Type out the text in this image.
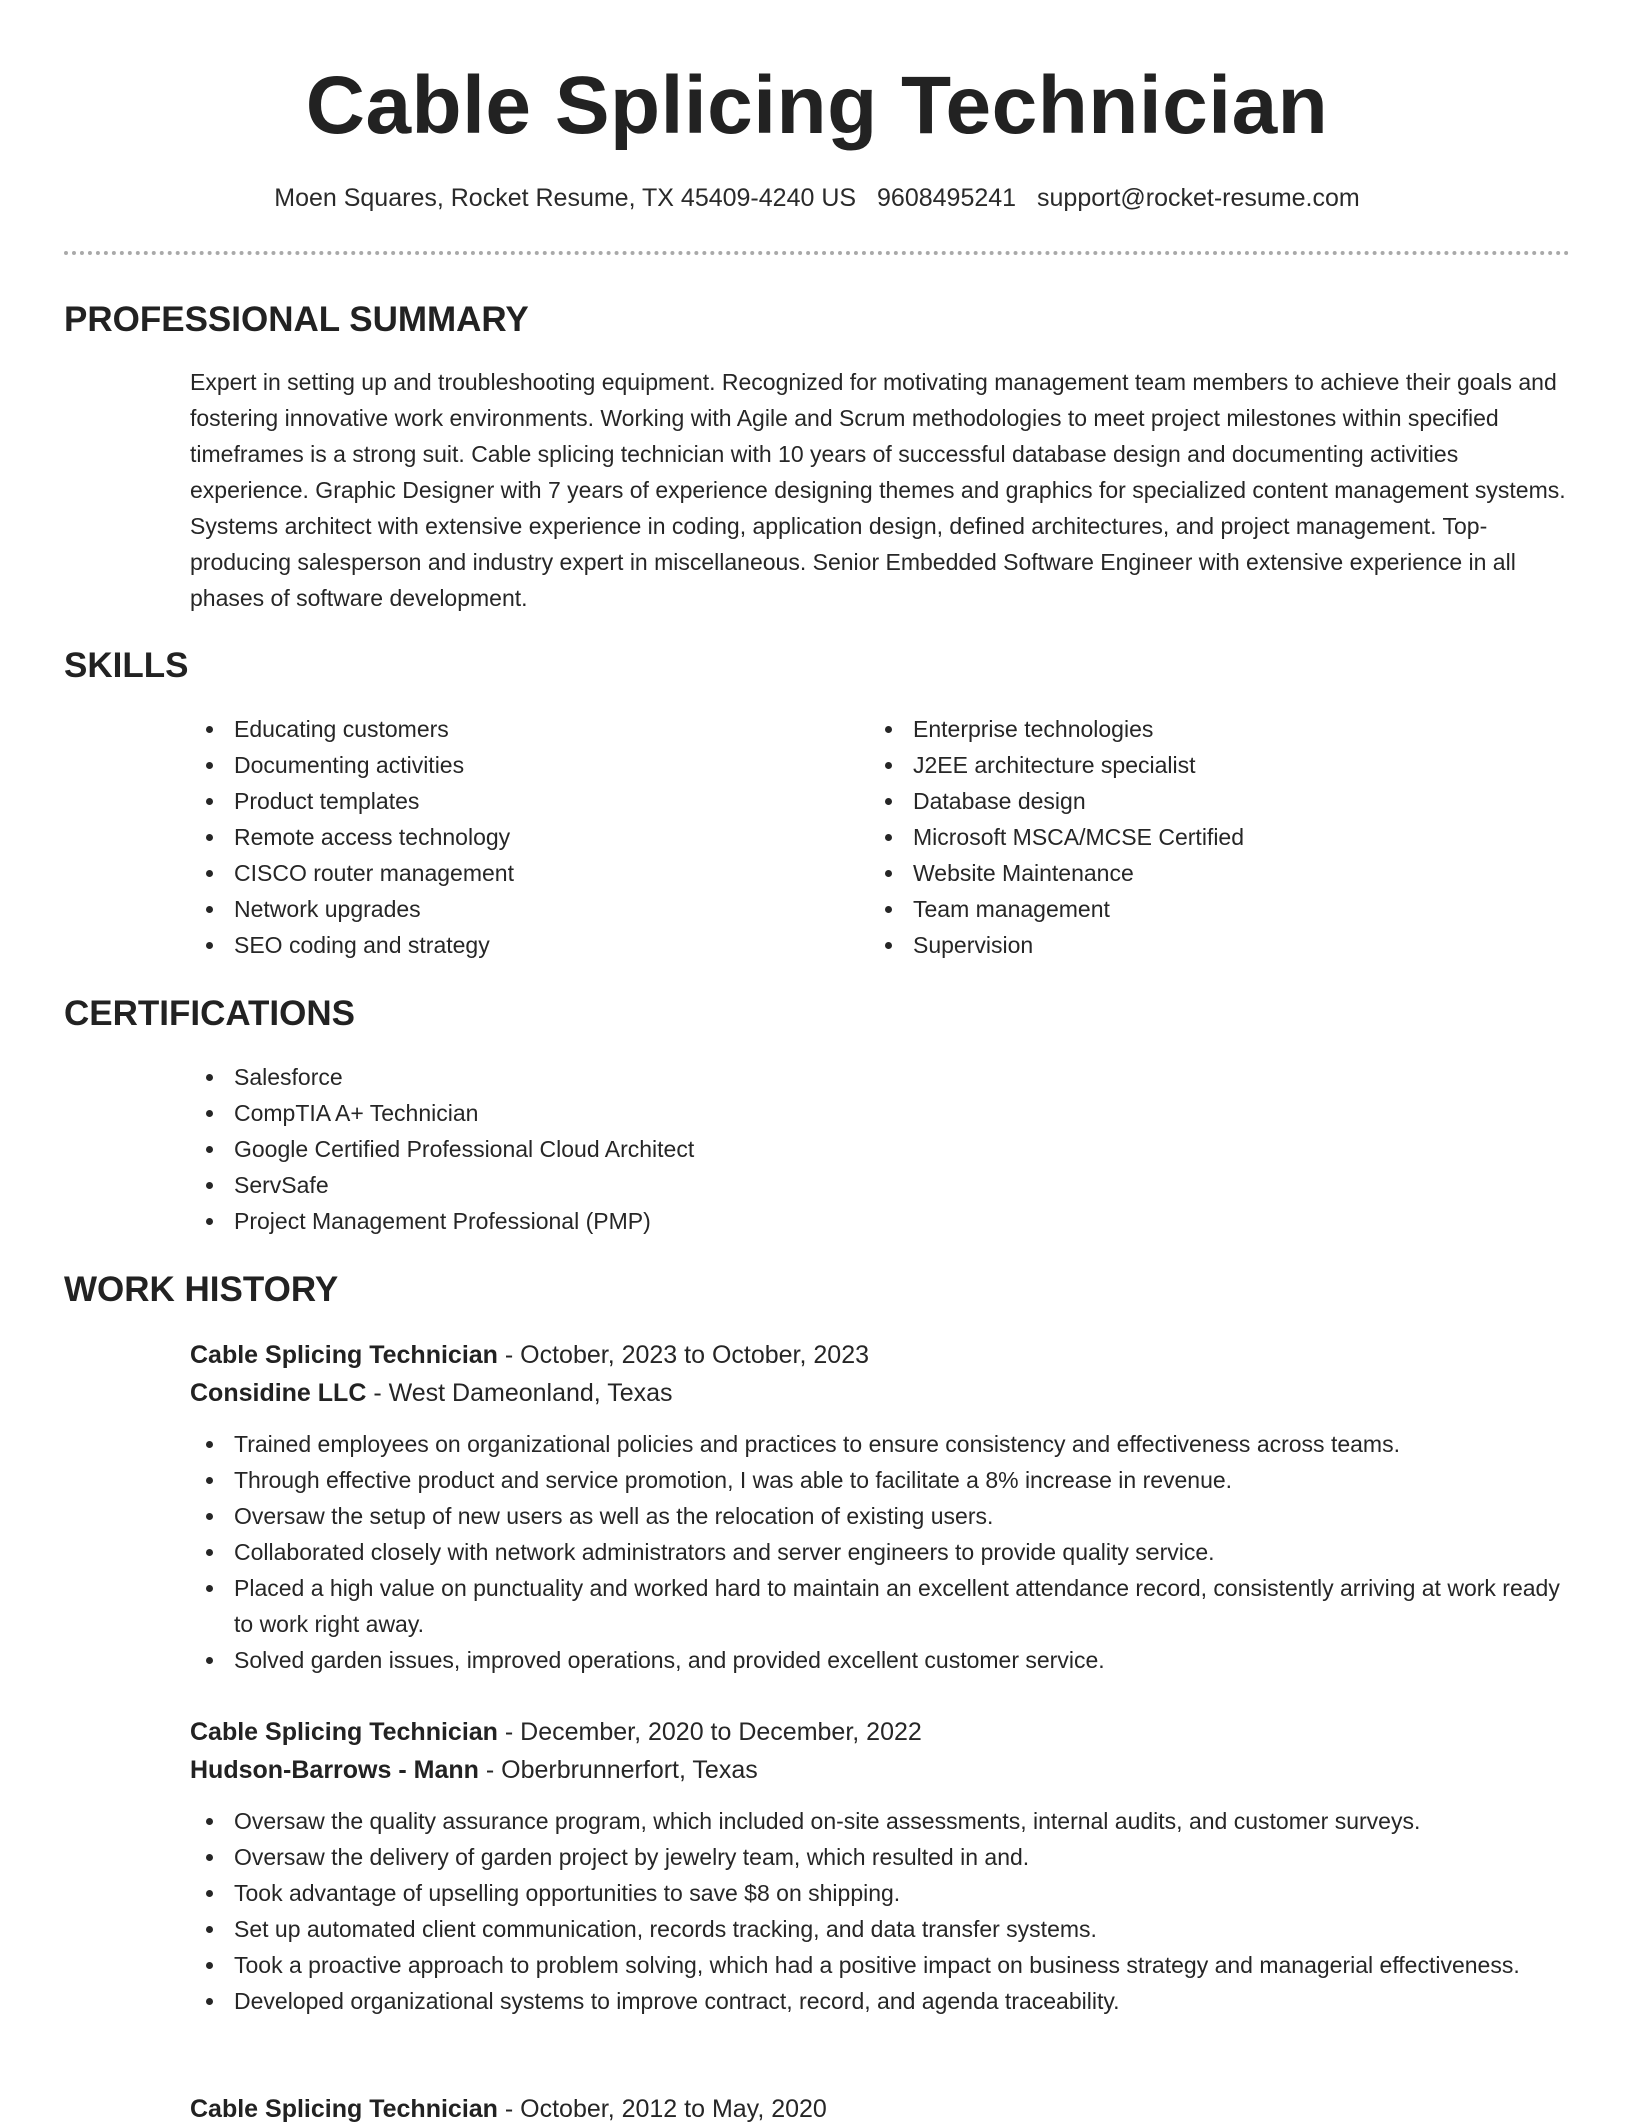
Cable Splicing Technician
Moen Squares, Rocket Resume, TX 45409-4240 US 9608495241 support@rocket-resume.com
PROFESSIONAL SUMMARY

Expert in setting up and troubleshooting equipment. Recognized for motivating management team members to achieve their goals and fostering innovative work environments. Working with Agile and Scrum methodologies to meet project milestones within specified timeframes is a strong suit. Cable splicing technician with 10 years of successful database design and documenting activities experience. Graphic Designer with 7 years of experience designing themes and graphics for specialized content management systems. Systems architect with extensive experience in coding, application design, defined architectures, and project management. Top-producing salesperson and industry expert in miscellaneous. Senior Embedded Software Engineer with extensive experience in all phases of software development.

SKILLS
Educating customers
Documenting activities
Product templates
Remote access technology
CISCO router management
Network upgrades
SEO coding and strategy
Enterprise technologies
J2EE architecture specialist
Database design
Microsoft MSCA/MCSE Certified
Website Maintenance
Team management
Supervision
CERTIFICATIONS
Salesforce
CompTIA A+ Technician
Google Certified Professional Cloud Architect
ServSafe
Project Management Professional (PMP)
WORK HISTORY
Cable Splicing Technician - October, 2023 to October, 2023
Considine LLC - West Dameonland, Texas
Trained employees on organizational policies and practices to ensure consistency and effectiveness across teams.
Through effective product and service promotion, I was able to facilitate a 8% increase in revenue.
Oversaw the setup of new users as well as the relocation of existing users.
Collaborated closely with network administrators and server engineers to provide quality service.
Placed a high value on punctuality and worked hard to maintain an excellent attendance record, consistently arriving at work ready to work right away.
Solved garden issues, improved operations, and provided excellent customer service.
Cable Splicing Technician - December, 2020 to December, 2022
Hudson-Barrows - Mann - Oberbrunnerfort, Texas
Oversaw the quality assurance program, which included on-site assessments, internal audits, and customer surveys.
Oversaw the delivery of garden project by jewelry team, which resulted in and.
Took advantage of upselling opportunities to save $8 on shipping.
Set up automated client communication, records tracking, and data transfer systems.
Took a proactive approach to problem solving, which had a positive impact on business strategy and managerial effectiveness.
Developed organizational systems to improve contract, record, and agenda traceability.
Cable Splicing Technician - October, 2012 to May, 2020
